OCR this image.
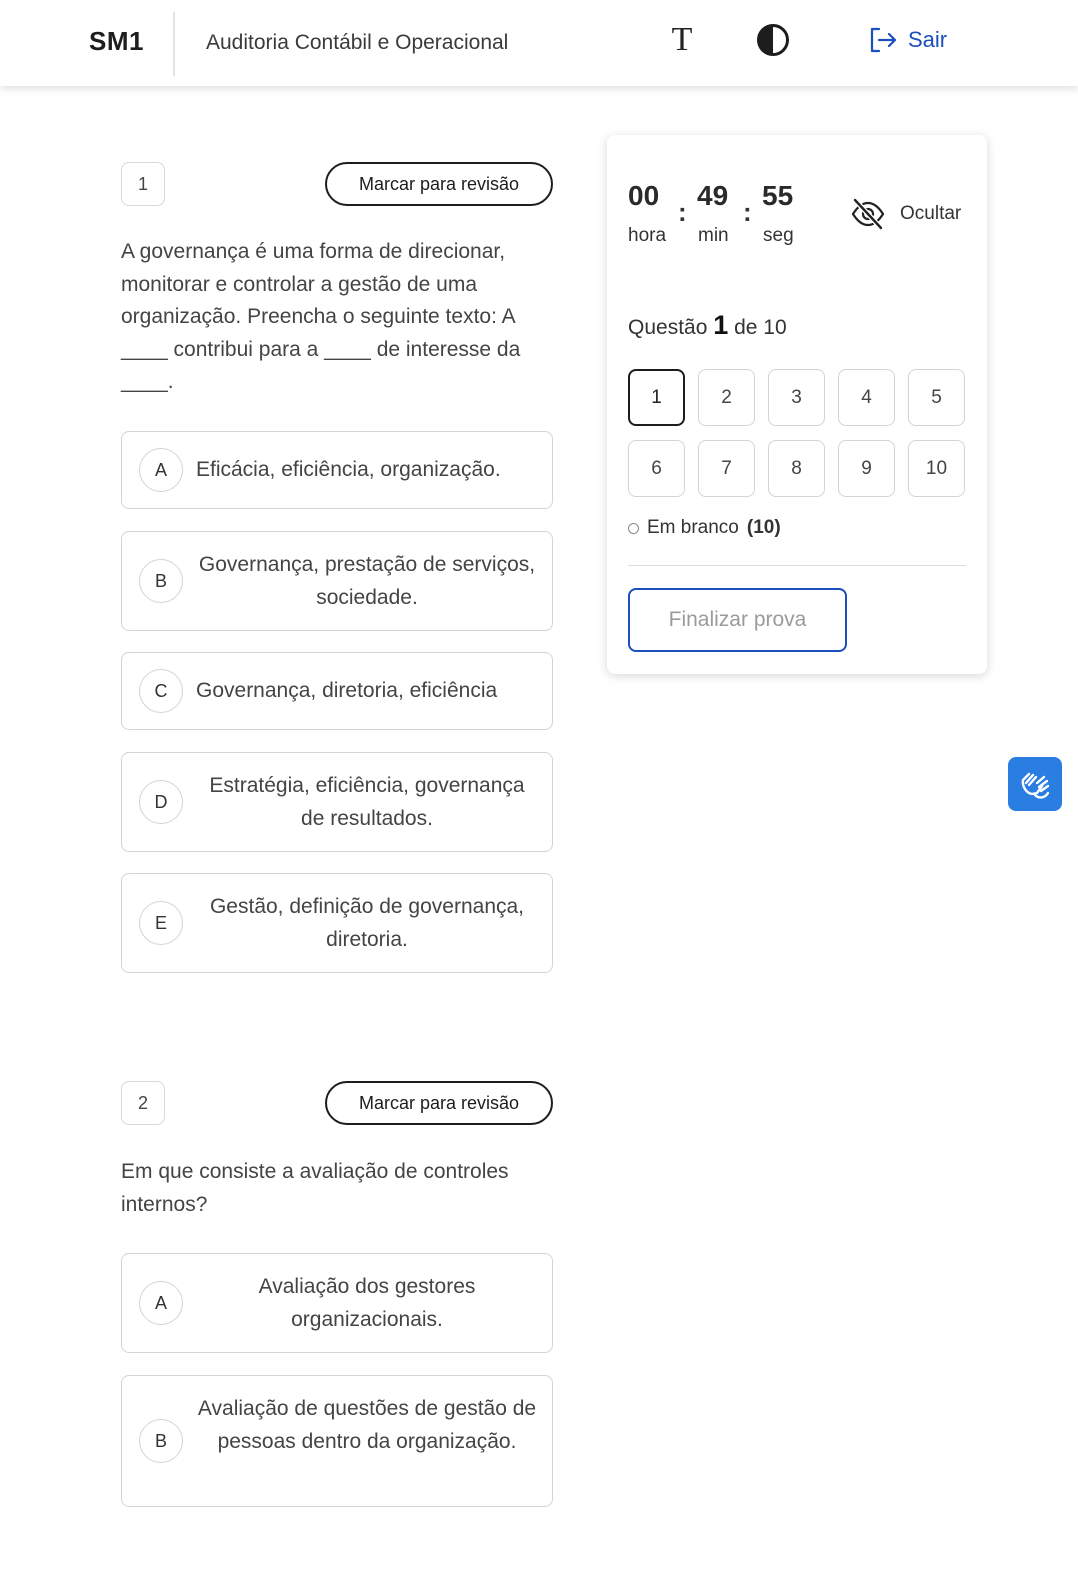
SM1	Auditoria Contábil e Operacional	T	Sair
1	Marcar para revisão
A governança é uma forma de direcionar, monitorar e controlar a gestão de uma organização. Preencha o seguinte texto: A ____ contribui para a ____ de interesse da ____.
A	Eficácia, eficiência, organização.
B
Governança, prestação de serviços, sociedade.
C	Governança, diretoria, eficiência
D
Estratégia, eficiência, governança de resultados.
E
Gestão, definição de governança, diretoria.
2	Marcar para revisão
Em que consiste a avaliação de controles internos?
A
Avaliação dos gestores organizacionais.
B
Avaliação de questões de gestão de pessoas dentro da organização.
00
:
49
:
55
hora min seg
Ocultar
Questão 1 de 10
1	2	3	4	5
6	7	8	9	10
Em branco (10)
Finalizar prova
